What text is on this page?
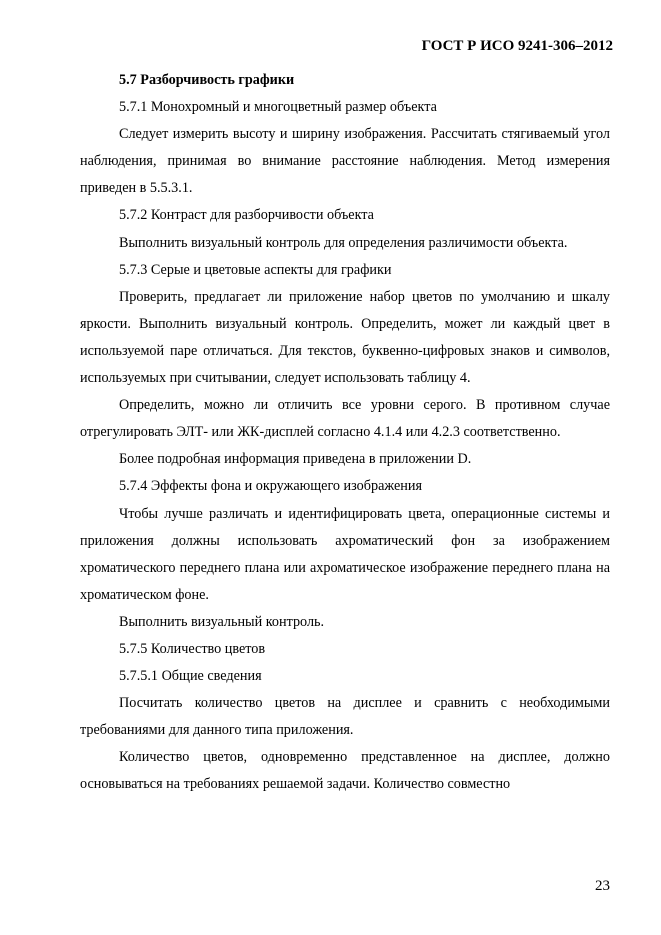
ГОСТ Р ИСО 9241-306–2012

5.7 Разборчивость графики

5.7.1 Монохромный и многоцветный размер объекта

Следует измерить высоту и ширину изображения. Рассчитать стягиваемый угол наблюдения, принимая во внимание расстояние наблюдения. Метод измерения приведен в 5.5.3.1.

5.7.2 Контраст для разборчивости объекта

Выполнить визуальный контроль для определения различимости объекта.

5.7.3 Серые и цветовые аспекты для графики

Проверить, предлагает ли приложение набор цветов по умолчанию и шкалу яркости. Выполнить визуальный контроль. Определить, может ли каждый цвет в используемой паре отличаться. Для текстов, буквенно-цифровых знаков и символов, используемых при считывании, следует использовать таблицу 4.

Определить, можно ли отличить все уровни серого. В противном случае отрегулировать ЭЛТ- или ЖК-дисплей согласно 4.1.4 или 4.2.3 соответственно.

Более подробная информация приведена в приложении D.

5.7.4 Эффекты фона и окружающего изображения

Чтобы лучше различать и идентифицировать цвета, операционные системы и приложения должны использовать ахроматический фон за изображением хроматического переднего плана или ахроматическое изображение переднего плана на хроматическом фоне.

Выполнить визуальный контроль.

5.7.5 Количество цветов

5.7.5.1 Общие сведения

Посчитать количество цветов на дисплее и сравнить с необходимыми требованиями для данного типа приложения.

Количество цветов, одновременно представленное на дисплее, должно основываться на требованиях решаемой задачи. Количество совместно

23
